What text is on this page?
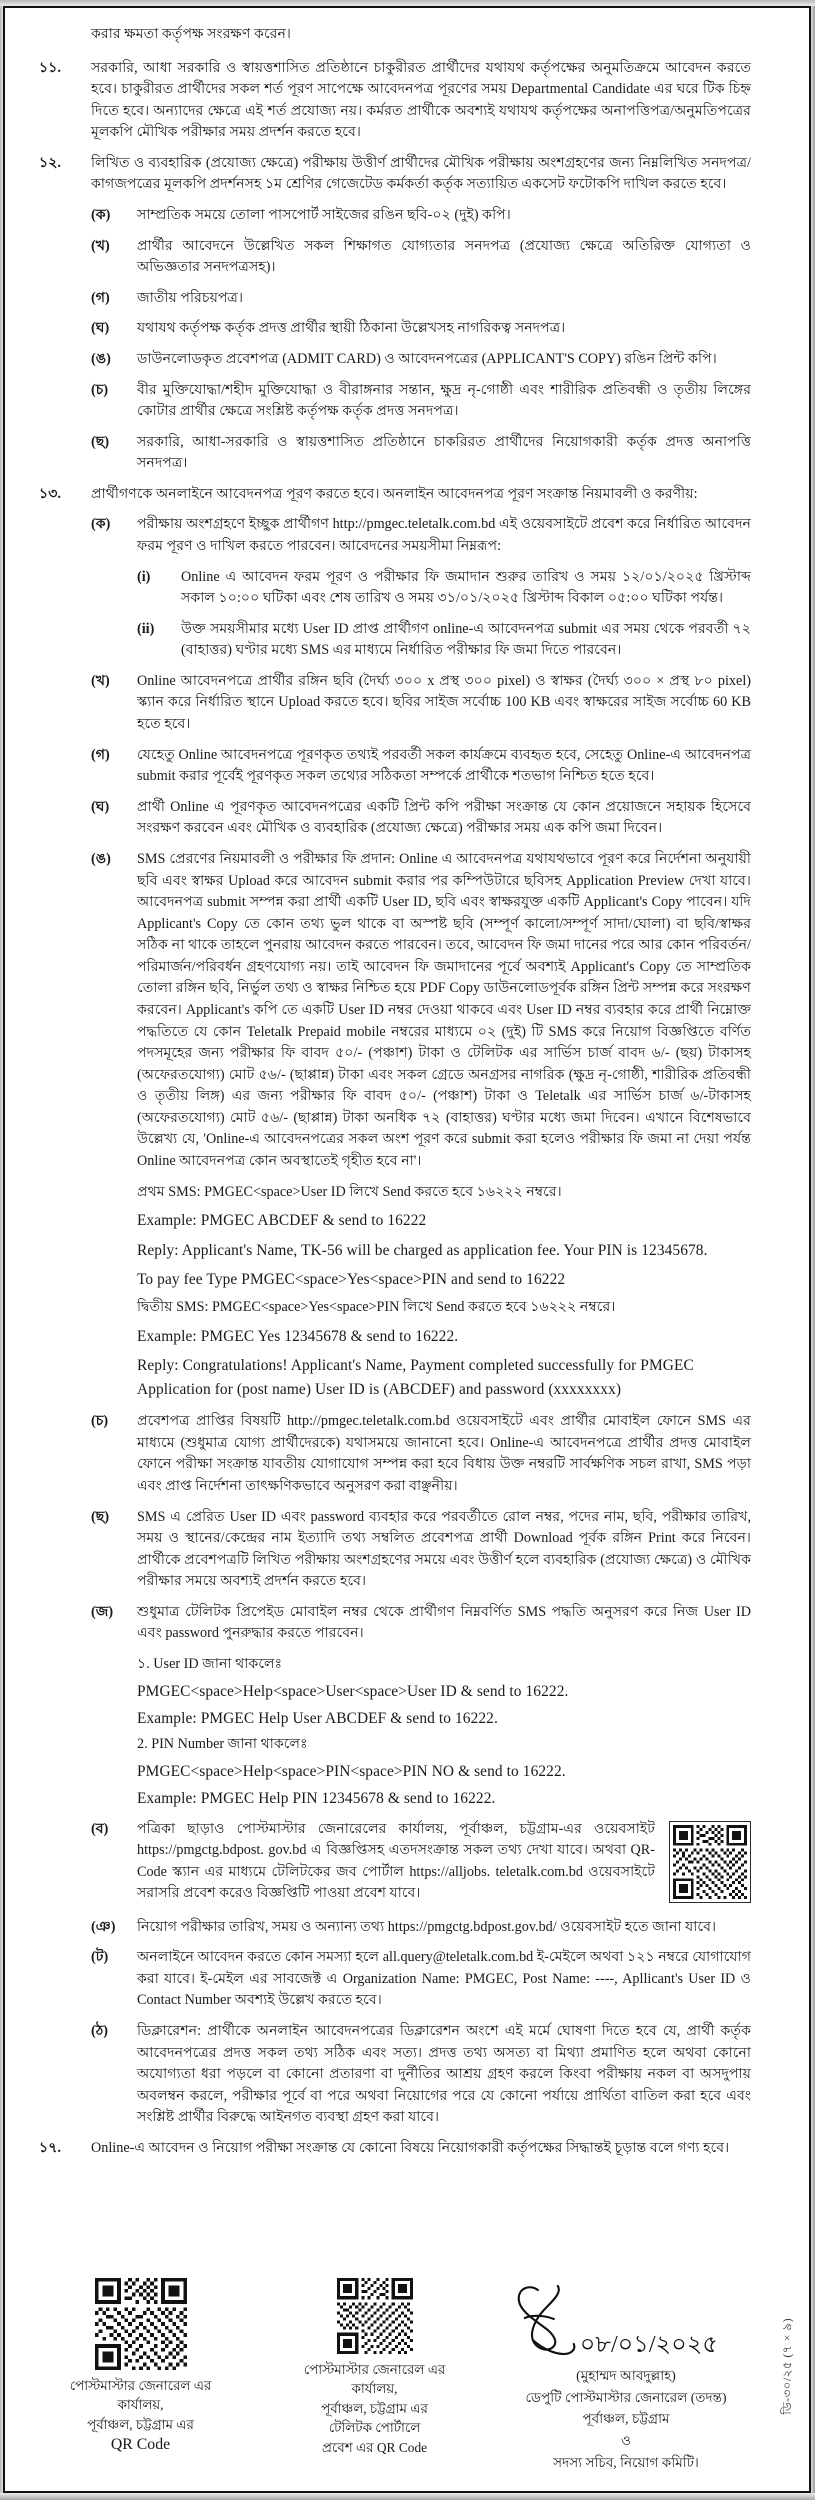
করার ক্ষমতা কর্তৃপক্ষ সংরক্ষণ করেন।
১১.	সরকারি, আধা সরকারি ও স্বায়ত্তশাসিত প্রতিষ্ঠানে চাকুরীরত প্রার্থীদের যথাযথ কর্তৃপক্ষের অনুমতিক্রমে আবেদন করতে হবে। চাকুরীরত প্রার্থীদের সকল শর্ত পূরণ সাপেক্ষে আবেদনপত্র পূরণের সময় Departmental Candidate এর ঘরে টিক চিহ্ন দিতে হবে। অন্যাদের ক্ষেত্রে এই শর্ত প্রযোজ্য নয়। কর্মরত প্রার্থীকে অবশ্যই যথাযথ কর্তৃপক্ষের অনাপত্তিপত্র/অনুমতিপত্রের মূলকপি মৌখিক পরীক্ষার সময় প্রদর্শন করতে হবে।
১২.	লিখিত ও ব্যবহারিক (প্রযোজ্য ক্ষেত্রে) পরীক্ষায় উত্তীর্ণ প্রার্থীদের মৌখিক পরীক্ষায় অংশগ্রহণের জন্য নিম্নলিখিত সনদপত্র/কাগজপত্রের মূলকপি প্রদর্শনসহ ১ম শ্রেণির গেজেটেড কর্মকর্তা কর্তৃক সত্যায়িত একসেট ফটোকপি দাখিল করতে হবে।
(ক)	সাম্প্রতিক সময়ে তোলা পাসপোর্ট সাইজের রঙিন ছবি-০২ (দুই) কপি।
(খ)	প্রার্থীর আবেদনে উল্লেখিত সকল শিক্ষাগত যোগ্যতার সনদপত্র (প্রযোজ্য ক্ষেত্রে অতিরিক্ত যোগ্যতা ও অভিজ্ঞতার সনদপত্রসহ)।
(গ)	জাতীয় পরিচয়পত্র।
(ঘ)	যথাযথ কর্তৃপক্ষ কর্তৃক প্রদত্ত প্রার্থীর স্থায়ী ঠিকানা উল্লেখসহ নাগরিকত্ব সনদপত্র।
(ঙ)	ডাউনলোডকৃত প্রবেশপত্র (ADMIT CARD) ও আবেদনপত্রের (APPLICANT'S COPY) রঙিন প্রিন্ট কপি।
(চ)	বীর মুক্তিযোদ্ধা/শহীদ মুক্তিযোদ্ধা ও বীরাঙ্গনার সন্তান, ক্ষুদ্র নৃ-গোষ্ঠী এবং শারীরিক প্রতিবন্ধী ও তৃতীয় লিঙ্গের কোটার প্রার্থীর ক্ষেত্রে সংশ্লিষ্ট কর্তৃপক্ষ কর্তৃক প্রদত্ত সনদপত্র।
(ছ)	সরকারি, আধা-সরকারি ও স্বায়ত্তশাসিত প্রতিষ্ঠানে চাকরিরত প্রার্থীদের নিয়োগকারী কর্তৃক প্রদত্ত অনাপত্তি সনদপত্র।
১৩.	প্রার্থীগণকে অনলাইনে আবেদনপত্র পূরণ করতে হবে। অনলাইন আবেদনপত্র পূরণ সংক্রান্ত নিয়মাবলী ও করণীয়:
(ক)	পরীক্ষায় অংশগ্রহণে ইচ্ছুক প্রার্থীগণ http://pmgec.teletalk.com.bd এই ওয়েবসাইটে প্রবেশ করে নির্ধারিত আবেদন ফরম পূরণ ও দাখিল করতে পারবেন। আবেদনের সময়সীমা নিম্নরূপ:
(i)	Online এ আবেদন ফরম পূরণ ও পরীক্ষার ফি জমাদান শুরুর তারিখ ও সময় ১২/০১/২০২৫ খ্রিস্টাব্দ সকাল ১০:০০ ঘটিকা এবং শেষ তারিখ ও সময় ৩১/০১/২০২৫ খ্রিস্টাব্দ বিকাল ০৫:০০ ঘটিকা পর্যন্ত।
(ii)	উক্ত সময়সীমার মধ্যে User ID প্রাপ্ত প্রার্থীগণ online-এ আবেদনপত্র submit এর সময় থেকে পরবর্তী ৭২ (বাহাত্তর) ঘণ্টার মধ্যে SMS এর মাধ্যমে নির্ধারিত পরীক্ষার ফি জমা দিতে পারবেন।
(খ)	Online আবেদনপত্রে প্রার্থীর রঙ্গিন ছবি (দৈর্ঘ্য ৩০০ x প্রস্থ ৩০০ pixel) ও স্বাক্ষর (দৈর্ঘ্য ৩০০ × প্রস্থ ৮০ pixel) স্ক্যান করে নির্ধারিত স্থানে Upload করতে হবে। ছবির সাইজ সর্বোচ্চ 100 KB এবং স্বাক্ষরের সাইজ সর্বোচ্চ 60 KB হতে হবে।
(গ)	যেহেতু Online আবেদনপত্রে পূরণকৃত তথ্যই পরবর্তী সকল কার্যক্রমে ব্যবহৃত হবে, সেহেতু Online-এ আবেদনপত্র submit করার পূর্বেই পূরণকৃত সকল তথ্যের সঠিকতা সম্পর্কে প্রার্থীকে শতভাগ নিশ্চিত হতে হবে।
(ঘ)	প্রার্থী Online এ পূরণকৃত আবেদনপত্রের একটি প্রিন্ট কপি পরীক্ষা সংক্রান্ত যে কোন প্রয়োজনে সহায়ক হিসেবে সংরক্ষণ করবেন এবং মৌখিক ও ব্যবহারিক (প্রযোজ্য ক্ষেত্রে) পরীক্ষার সময় এক কপি জমা দিবেন।
(ঙ)	SMS প্রেরণের নিয়মাবলী ও পরীক্ষার ফি প্রদান: Online এ আবেদনপত্র যথাযথভাবে পূরণ করে নির্দেশনা অনুযায়ী ছবি এবং স্বাক্ষর Upload করে আবেদন submit করার পর কম্পিউটারে ছবিসহ Application Preview দেখা যাবে। আবেদনপত্র submit সম্পন্ন করা প্রার্থী একটি User ID, ছবি এবং স্বাক্ষরযুক্ত একটি Applicant's Copy পাবেন। যদি Applicant's Copy তে কোন তথ্য ভুল থাকে বা অস্পষ্ট ছবি (সম্পূর্ণ কালো/সম্পূর্ণ সাদা/ঘোলা) বা ছবি/স্বাক্ষর সঠিক না থাকে তাহলে পুনরায় আবেদন করতে পারবেন। তবে, আবেদন ফি জমা দানের পরে আর কোন পরিবর্তন/পরিমার্জন/পরিবর্ধন গ্রহণযোগ্য নয়। তাই আবেদন ফি জমাদানের পূর্বে অবশ্যই Applicant's Copy তে সাম্প্রতিক তোলা রঙ্গিন ছবি, নির্ভুল তথ্য ও স্বাক্ষর নিশ্চিত হয়ে PDF Copy ডাউনলোডপূর্বক রঙ্গিন প্রিন্ট সম্পন্ন করে সংরক্ষণ করবেন। Applicant's কপি তে একটি User ID নম্বর দেওয়া থাকবে এবং User ID নম্বর ব্যবহার করে প্রার্থী নিম্নোক্ত পদ্ধতিতে যে কোন Teletalk Prepaid mobile নম্বরের মাধ্যমে ০২ (দুই) টি SMS করে নিয়োগ বিজ্ঞপ্তিতে বর্ণিত পদসমূহের জন্য পরীক্ষার ফি বাবদ ৫০/- (পঞ্চাশ) টাকা ও টেলিটক এর সার্ভিস চার্জ বাবদ ৬/- (ছয়) টাকাসহ (অফেরতযোগ্য) মোট ৫৬/- (ছাপ্পান্ন) টাকা এবং সকল গ্রেডে অনগ্রসর নাগরিক (ক্ষুদ্র নৃ-গোষ্ঠী, শারীরিক প্রতিবন্ধী ও তৃতীয় লিঙ্গ) এর জন্য পরীক্ষার ফি বাবদ ৫০/- (পঞ্চাশ) টাকা ও Teletalk এর সার্ভিস চার্জ ৬/-টাকাসহ (অফেরতযোগ্য) মোট ৫৬/- (ছাপ্পান্ন) টাকা অনধিক ৭২ (বাহাত্তর) ঘণ্টার মধ্যে জমা দিবেন। এখানে বিশেষভাবে উল্লেখ্য যে, 'Online-এ আবেদনপত্রের সকল অংশ পূরণ করে submit করা হলেও পরীক্ষার ফি জমা না দেয়া পর্যন্ত Online আবেদনপত্র কোন অবস্থাতেই গৃহীত হবে না'।
প্রথম SMS: PMGEC<space>User ID লিখে Send করতে হবে ১৬২২২ নম্বরে।
Example: PMGEC ABCDEF & send to 16222
Reply: Applicant's Name, TK-56 will be charged as application fee. Your PIN is 12345678.
To pay fee Type PMGEC<space>Yes<space>PIN and send to 16222
দ্বিতীয় SMS: PMGEC<space>Yes<space>PIN লিখে Send করতে হবে ১৬২২২ নম্বরে।
Example: PMGEC Yes 12345678 & send to 16222.
Reply: Congratulations! Applicant's Name, Payment completed successfully for PMGEC Application for (post name) User ID is (ABCDEF) and password (xxxxxxxx)
(চ)	প্রবেশপত্র প্রাপ্তির বিষয়টি http://pmgec.teletalk.com.bd ওয়েবসাইটে এবং প্রার্থীর মোবাইল ফোনে SMS এর মাধ্যমে (শুধুমাত্র যোগ্য প্রার্থীদেরকে) যথাসময়ে জানানো হবে। Online-এ আবেদনপত্রে প্রার্থীর প্রদত্ত মোবাইল ফোনে পরীক্ষা সংক্রান্ত যাবতীয় যোগাযোগ সম্পন্ন করা হবে বিধায় উক্ত নম্বরটি সার্বক্ষণিক সচল রাখা, SMS পড়া এবং প্রাপ্ত নির্দেশনা তাৎক্ষণিকভাবে অনুসরণ করা বাঞ্ছনীয়।
(ছ)	SMS এ প্রেরিত User ID এবং password ব্যবহার করে পরবর্তীতে রোল নম্বর, পদের নাম, ছবি, পরীক্ষার তারিখ, সময় ও স্থানের/কেন্দ্রের নাম ইত্যাদি তথ্য সম্বলিত প্রবেশপত্র প্রার্থী Download পূর্বক রঙ্গিন Print করে নিবেন। প্রার্থীকে প্রবেশপত্রটি লিখিত পরীক্ষায় অংশগ্রহণের সময়ে এবং উত্তীর্ণ হলে ব্যবহারিক (প্রযোজ্য ক্ষেত্রে) ও মৌখিক পরীক্ষার সময়ে অবশ্যই প্রদর্শন করতে হবে।
(জ)	শুধুমাত্র টেলিটক প্রিপেইড মোবাইল নম্বর থেকে প্রার্থীগণ নিম্নবর্ণিত SMS পদ্ধতি অনুসরণ করে নিজ User ID এবং password পুনরুদ্ধার করতে পারবেন।
১. User ID জানা থাকলেঃ
PMGEC<space>Help<space>User<space>User ID & send to 16222.
Example: PMGEC Help User ABCDEF & send to 16222.
2. PIN Number জানা থাকলেঃ
PMGEC<space>Help<space>PIN<space>PIN NO & send to 16222.
Example: PMGEC Help PIN 12345678 & send to 16222.
(ব)	পত্রিকা ছাড়াও পোস্টমাস্টার জেনারেলের কার্যালয়, পূর্বাঞ্চল, চট্টগ্রাম-এর ওয়েবসাইট https://pmgctg.bdpost. gov.bd এ বিজ্ঞপ্তিসহ এতদসংক্রান্ত সকল তথ্য দেখা যাবে। অথবা QR-Code স্ক্যান এর মাধ্যমে টেলিটকের জব পোর্টাল https://alljobs. teletalk.com.bd ওয়েবসাইটে সরাসরি প্রবেশ করেও বিজ্ঞপ্তিটি পাওয়া প্রবেশ যাবে।
(ঞ)	নিয়োগ পরীক্ষার তারিখ, সময় ও অন্যান্য তথ্য https://pmgctg.bdpost.gov.bd/ ওয়েবসাইট হতে জানা যাবে।
(ট)	অনলাইনে আবেদন করতে কোন সমস্যা হলে all.query@teletalk.com.bd ই-মেইলে অথবা ১২১ নম্বরে যোগাযোগ করা যাবে। ই-মেইল এর সাবজেক্ট এ Organization Name: PMGEC, Post Name: ----, Apllicant's User ID ও Contact Number অবশ্যই উল্লেখ করতে হবে।
(ঠ)	ডিক্লারেশন: প্রার্থীকে অনলাইন আবেদনপত্রের ডিক্লারেশন অংশে এই মর্মে ঘোষণা দিতে হবে যে, প্রার্থী কর্তৃক আবেদনপত্রের প্রদত্ত সকল তথ্য সঠিক এবং সত্য। প্রদত্ত তথ্য অসত্য বা মিথ্যা প্রমাণিত হলে অথবা কোনো অযোগ্যতা ধরা পড়লে বা কোনো প্রতারণা বা দুর্নীতির আশ্রয় গ্রহণ করলে কিংবা পরীক্ষায় নকল বা অসদুপায় অবলম্বন করলে, পরীক্ষার পূর্বে বা পরে অথবা নিয়োগের পরে যে কোনো পর্যায়ে প্রার্থিতা বাতিল করা হবে এবং সংশ্লিষ্ট প্রার্থীর বিরুদ্ধে আইনগত ব্যবস্থা গ্রহণ করা যাবে।
১৭.	Online-এ আবেদন ও নিয়োগ পরীক্ষা সংক্রান্ত যে কোনো বিষয়ে নিয়োগকারী কর্তৃপক্ষের সিদ্ধান্তই চূড়ান্ত বলে গণ্য হবে।
পোস্টমাস্টার জেনারেল এর
কার্যালয়,
পূর্বাঞ্চল, চট্টগ্রাম এর
QR Code
পোস্টমাস্টার জেনারেল এর
কার্যালয়,
পূর্বাঞ্চল, চট্টগ্রাম এর
টেলিটক পোর্টালে
প্রবেশ এর QR Code
০৮/০১/২০২৫
(মুহাম্মদ আবদুল্লাহ)
ডেপুটি পোস্টমাস্টার জেনারেল (তদন্ত)
পূর্বাঞ্চল, চট্টগ্রাম
ও
সদস্য সচিব, নিয়োগ কমিটি।
ডি-৩০/২৫ (৭×৯)
